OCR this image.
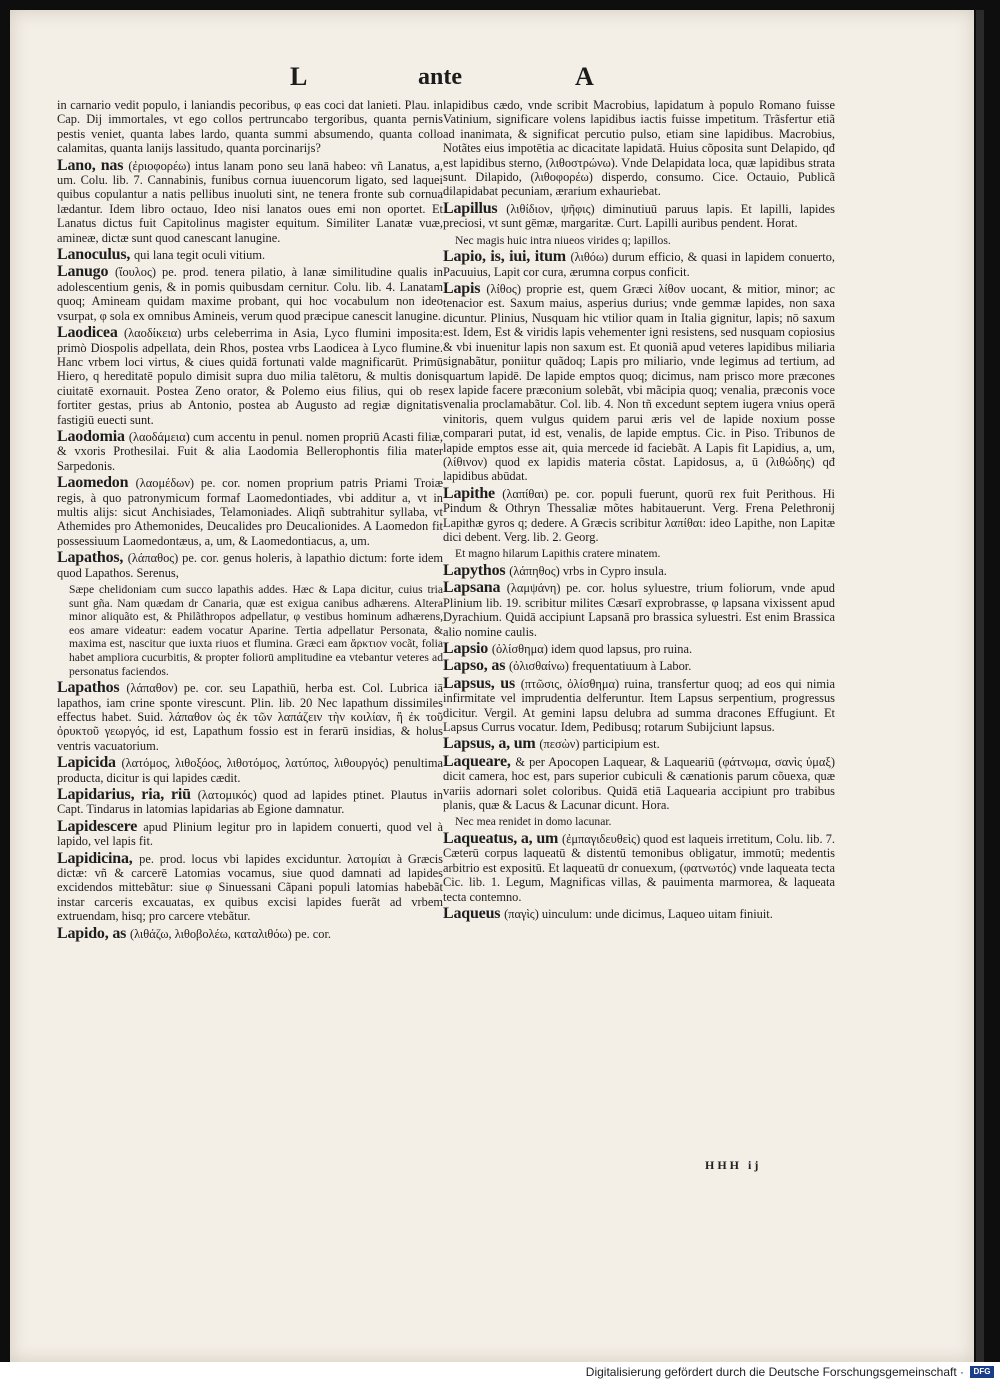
L	ante	A

in carnario vedit populo, i laniandis pecoribus, φ eas coci dat lanieti. Plau. in Cap. Dij immortales, vt ego collos pertruncabo tergoribus, quanta pernis pestis veniet, quanta labes lardo, quanta summi absumendo, quanta collo calamitas, quanta lanijs lassitudo, quanta porcinarijs?

Lano, nas (ἐριοφορέω) intus lanam pono seu lanā habeo: vñ Lanatus, a, um. Colu. lib. 7. Cannabinis, funibus cornua iuuencorum ligato, sed laquei quibus copulantur a natis pellibus inuoluti sint, ne tenera fronte sub cornua lædantur. Idem libro octauo, Ideo nisi lanatos oues emi non oportet. Et Lanatus dictus fuit Capitolinus magister equitum. Similiter Lanatæ vuæ, amineæ, dictæ sunt quod canescant lanugine.

Lanoculus, qui lana tegit oculi vitium.

Lanugo (ἴουλος) pe. prod. tenera pilatio, à lanæ similitudine qualis in adolescentium genis, & in pomis quibusdam cernitur. Colu. lib. 4. Lanatam quoq; Amineam quidam maxime probant, qui hoc vocabulum non ideo vsurpat, φ sola ex omnibus Amineis, verum quod præcipue canescit lanugine.

Laodicea (λαοδίκεια) urbs celeberrima in Asia, Lyco flumini imposita: primò Diospolis adpellata, dein Rhos, postea vrbs Laodicea à Lyco flumine. Hanc vrbem loci virtus, & ciues quidā fortunati valde magnificarūt. Primū Hiero, q hereditatē populo dimisit supra duo milia talētoru, & multis donis ciuitatē exornauit. Postea Zeno orator, & Polemo eius filius, qui ob res fortiter gestas, prius ab Antonio, postea ab Augusto ad regiæ dignitatis fastigiū euecti sunt.

Laodomia (λαοδάμεια) cum accentu in penul. nomen propriū Acasti filiæ, & vxoris Prothesilai. Fuit & alia Laodomia Bellerophontis filia mater Sarpedonis.

Laomedon (λαομέδων) pe. cor. nomen proprium patris Priami Troiæ regis, à quo patronymicum formaf Laomedontiades, vbi additur a, vt in multis alijs: sicut Anchisiades, Telamoniades. Aliqñ subtrahitur syllaba, vt Athemides pro Athemonides, Deucalides pro Deucalionides. A Laomedon fit possessiuum Laomedontæus, a, um, & Laomedontiacus, a, um.

Lapathos, (λάπαθος) pe. cor. genus holeris, à lapathio dictum: forte idem quod Lapathos. Serenus,

Sæpe chelidoniam cum succo lapathis addes. Hæc & Lapa dicitur, cuius tria sunt gña. Nam quædam dr Canaria, quæ est exigua canibus adhærens. Altera minor aliquãto est, & Philãthropos adpellatur, φ vestibus hominum adhærens, eos amare videatur: eadem vocatur Aparine. Tertia adpellatur Personata, & maxima est, nascitur que iuxta riuos et flumina. Græci eam ἄρκτιον vocãt, folia habet ampliora cucurbitis, & propter foliorū amplitudine ea vtebantur veteres ad personatus faciendos.

Lapathos (λάπαθον) pe. cor. seu Lapathiū, herba est. Col. Lubrica iā lapathos, iam crine sponte virescunt. Plin. lib. 20 Nec lapathum dissimiles effectus habet. Suid. λάπαθον ὠς ἐκ τῶν λαπάζειν τὴν κοιλίαν, ἢ ἐκ τοῦ ὀρυκτοῦ γεωργός, id est, Lapathum fossio est in ferarū insidias, & holus ventris vacuatorium.

Lapicida (λατόμος, λιθοξόος, λιθοτόμος, λατύπος, λιθουργός) penultima producta, dicitur is qui lapides cædit.

Lapidarius, ria, riū (λατομικός) quod ad lapides ptinet. Plautus in Capt. Tindarus in latomias lapidarias ab Egione damnatur.

Lapidescere apud Plinium legitur pro in lapidem conuerti, quod vel à lapido, vel lapis fit.

Lapidicina, pe. prod. locus vbi lapides exciduntur. λατομίαι à Græcis dictæ: vñ & carcerē Latomias vocamus, siue quod damnati ad lapides excidendos mittebãtur: siue φ Sinuessani Cãpani populi latomias habebãt instar carceris excauatas, ex quibus excisi lapides fuerãt ad vrbem extruendam, hisq; pro carcere vtebãtur.

Lapido, as (λιθάζω, λιθοβολέω, καταλιθόω) pe. cor.

lapidibus cædo, vnde scribit Macrobius, lapidatum à populo Romano fuisse Vatinium, significare volens lapidibus iactis fuisse impetitum. Trãsfertur etiã ad inanimata, & significat percutio pulso, etiam sine lapidibus. Macrobius, Notãtes eius impotētia ac dicacitate lapidatā. Huius cõposita sunt Delapido, qđ est lapidibus sterno, (λιθοστρώνω). Vnde Delapidata loca, quæ lapidibus strata sunt. Dilapido, (λιθοφορέω) disperdo, consumo. Cice. Octauio, Publicã dilapidabat pecuniam, ærarium exhauriebat.

Lapillus (λιθίδιον, ψῆφις) diminutiuū paruus lapis. Et lapilli, lapides preciosi, vt sunt gēmæ, margaritæ. Curt. Lapilli auribus pendent. Horat.

Nec magis huic intra niueos virides q; lapillos.

Lapio, is, iui, itum (λιθόω) durum efficio, & quasi in lapidem conuerto, Pacuuius, Lapit cor cura, ærumna corpus conficit.

Lapis (λίθος) proprie est, quem Græci λίθον uocant, & mitior, minor; ac tenacior est. Saxum maius, asperius durius; vnde gemmæ lapides, non saxa dicuntur. Plinius, Nusquam hic vtilior quam in Italia gignitur, lapis; nō saxum est. Idem, Est & viridis lapis vehementer igni resistens, sed nusquam copiosius & vbi inuenitur lapis non saxum est. Et quoniã apud veteres lapidibus miliaria signabãtur, poniitur quãdoq; Lapis pro miliario, vnde legimus ad tertium, ad quartum lapidē. De lapide emptos quoq; dicimus, nam prisco more præcones ex lapide facere præconium solebãt, vbi mãcipia quoq; venalia, præconis voce venalia proclamabãtur. Col. lib. 4. Non tñ excedunt septem iugera vnius operā vinitoris, quem vulgus quidem parui æris vel de lapide noxium posse comparari putat, id est, venalis, de lapide emptus. Cic. in Piso. Tribunos de lapide emptos esse ait, quia mercede id faciebãt. A Lapis fit Lapidius, a, um, (λίθινον) quod ex lapidis materia cõstat. Lapidosus, a, ū (λιθώδης) qđ lapidibus abūdat.

Lapithe (λαπίθαι) pe. cor. populi fuerunt, quorū rex fuit Perithous. Hi Pindum & Othryn Thessaliæ mõtes habitauerunt. Verg. Frena Pelethronij Lapithæ gyros q; dedere. A Græcis scribitur λαπίθαι: ideo Lapithe, non Lapitæ dici debent. Verg. lib. 2. Georg.

Et magno hilarum Lapithis cratere minatem.

Lapythos (λάπηθος) vrbs in Cypro insula.

Lapsana (λαμψάνη) pe. cor. holus syluestre, trium foliorum, vnde apud Plinium lib. 19. scribitur milites Cæsarī exprobrasse, φ lapsana vixissent apud Dyrachium. Quidā accipiunt Lapsanā pro brassica syluestri. Est enim Brassica alio nomine caulis.

Lapsio (ὀλίσθημα) idem quod lapsus, pro ruina.

Lapso, as (ὀλισθαίνω) frequentatiuum à Labor.

Lapsus, us (πτῶσις, ὀλίσθημα) ruina, transfertur quoq; ad eos qui nimia infirmitate vel imprudentia delferuntur. Item Lapsus serpentium, progressus dicitur. Vergil. At gemini lapsu delubra ad summa dracones Effugiunt. Et Lapsus Currus vocatur. Idem, Pedibusq; rotarum Subijciunt lapsus.

Lapsus, a, um (πεσὼν) participium est.

Laqueare, & per Apocopen Laquear, & Laqueariū (φάτνωμα, σανὶς ὑμαξ) dicit camera, hoc est, pars superior cubiculi & cænationis parum cõuexa, quæ variis adornari solet coloribus. Quidā etiā Laquearia accipiunt pro trabibus planis, quæ & Lacus & Lacunar dicunt. Hora.

Nec mea renidet in domo lacunar.

Laqueatus, a, um (ἐμπαγιδευθεὶς) quod est laqueis irretitum, Colu. lib. 7. Cæterū corpus laqueatū & distentū temonibus obligatur, immotū; medentis arbitrio est expositū. Et laqueatū dr conuexum, (φατνωτός) vnde laqueata tecta Cic. lib. 1. Legum, Magnificas villas, & pauimenta marmorea, & laqueata tecta contemno.

Laqueus (παγὶς) uinculum: unde dicimus, Laqueo uitam finiuit.

HHH ij
Digitalisierung gefördert durch die Deutsche Forschungsgemeinschaft ·	DFG
